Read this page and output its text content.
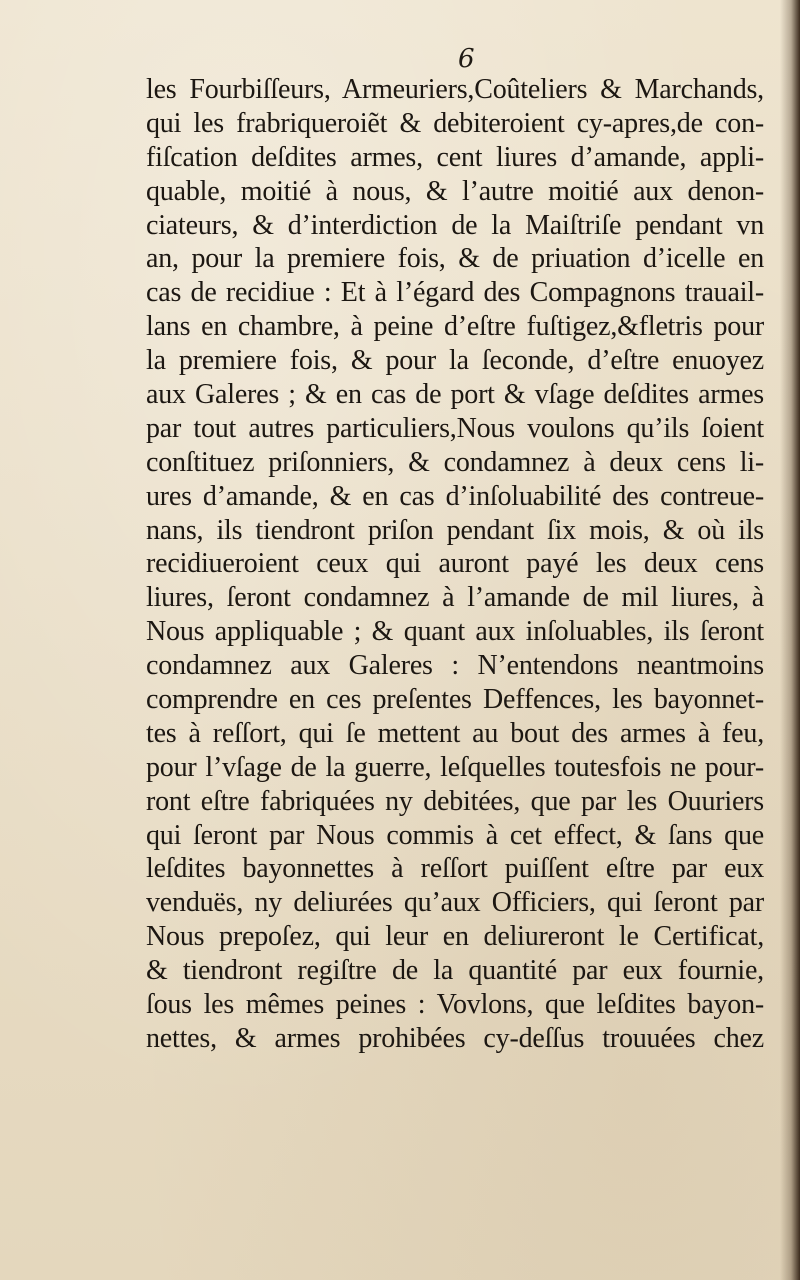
6
les Fourbiſſeurs, Armeuriers,Coûteliers & Marchands,
qui les frabriqueroiẽt & debiteroient cy-apres,de con-
fiſcation deſdites armes, cent liures d’amande, appli-
quable, moitié à nous, & l’autre moitié aux denon-
ciateurs, & d’interdiction de la Maiſtriſe pendant vn
an, pour la premiere fois, & de priuation d’icelle en
cas de recidiue : Et à l’égard des Compagnons trauail-
lans en chambre, à peine d’eſtre fuſtigez,&fletris pour
la premiere fois, & pour la ſeconde, d’eſtre enuoyez
aux Galeres ; & en cas de port & vſage deſdites armes
par tout autres particuliers,Nous voulons qu’ils ſoient
conſtituez priſonniers, & condamnez à deux cens li-
ures d’amande, & en cas d’inſoluabilité des contreue-
nans, ils tiendront priſon pendant ſix mois, & où ils
recidiueroient ceux qui auront payé les deux cens
liures, ſeront condamnez à l’amande de mil liures, à
Nous appliquable ; & quant aux inſoluables, ils ſeront
condamnez aux Galeres : N’entendons neantmoins
comprendre en ces preſentes Deffences, les bayonnet-
tes à reſſort, qui ſe mettent au bout des armes à feu,
pour l’vſage de la guerre, leſquelles toutesfois ne pour-
ront eſtre fabriquées ny debitées, que par les Ouuriers
qui ſeront par Nous commis à cet effect, & ſans que
leſdites bayonnettes à reſſort puiſſent eſtre par eux
venduës, ny deliurées qu’aux Officiers, qui ſeront par
Nous prepoſez, qui leur en deliureront le Certificat,
& tiendront regiſtre de la quantité par eux fournie,
ſous les mêmes peines : Vovlons, que leſdites bayon-
nettes, & armes prohibées cy-deſſus trouuées chez
